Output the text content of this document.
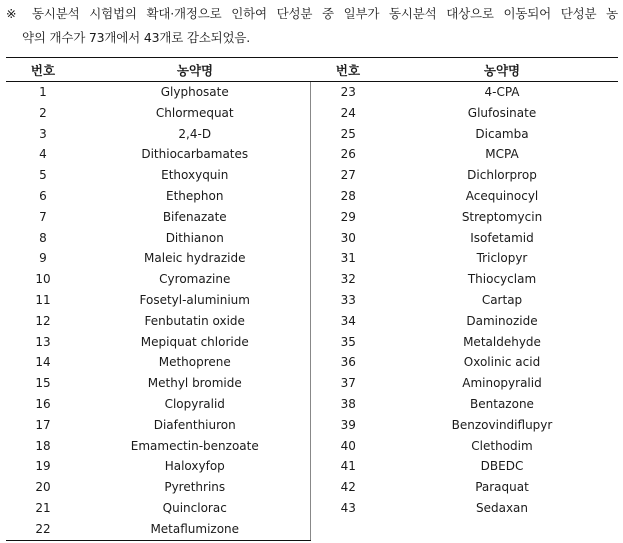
※ 동시분석 시험법의 확대·개정으로 인하여 단성분 중 일부가 동시분석 대상으로 이동되어 단성분 농
약의 개수가 73개에서 43개로 감소되었음.
번호	농약명	번호	농약명
1	Glyphosate	23	4-CPA
2	Chlormequat	24	Glufosinate
3	2,4-D	25	Dicamba
4	Dithiocarbamates	26	MCPA
5	Ethoxyquin	27	Dichlorprop
6	Ethephon	28	Acequinocyl
7	Bifenazate	29	Streptomycin
8	Dithianon	30	Isofetamid
9	Maleic hydrazide	31	Triclopyr
10	Cyromazine	32	Thiocyclam
11	Fosetyl-aluminium	33	Cartap
12	Fenbutatin oxide	34	Daminozide
13	Mepiquat chloride	35	Metaldehyde
14	Methoprene	36	Oxolinic acid
15	Methyl bromide	37	Aminopyralid
16	Clopyralid	38	Bentazone
17	Diafenthiuron	39	Benzovindiflupyr
18	Emamectin-benzoate	40	Clethodim
19	Haloxyfop	41	DBEDC
20	Pyrethrins	42	Paraquat
21	Quinclorac	43	Sedaxan
22	Metaflumizone		
